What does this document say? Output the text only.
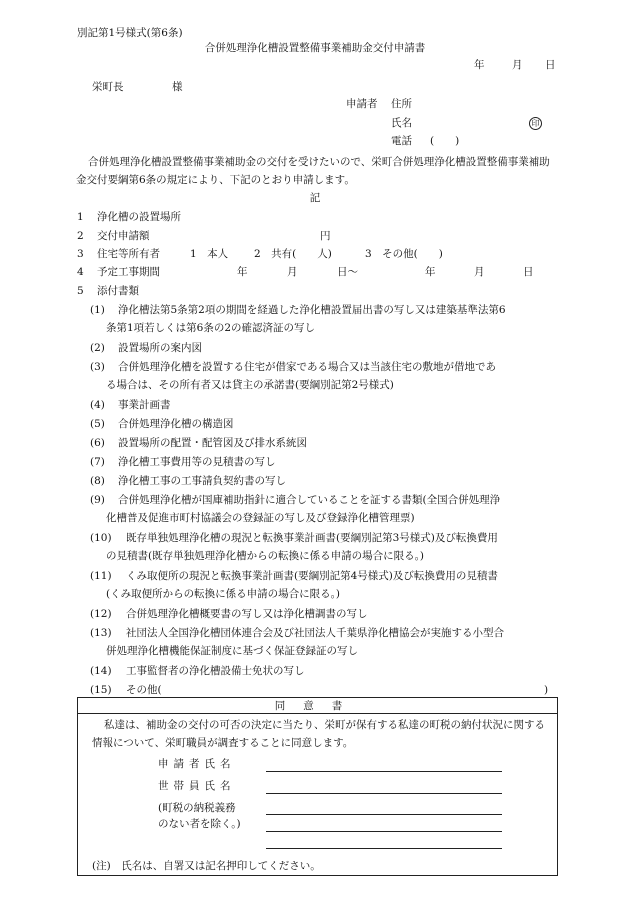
別記第1号様式(第6条)
合併処理浄化槽設置整備事業補助金交付申請書
年	月 日
栄町長	様
申請者 住所
氏名	印
電話 (　　)
合併処理浄化槽設置整備事業補助金の交付を受けたいので、栄町合併処理浄化槽設置整備事業補助金交付要綱第6条の規定により、下記のとおり申請します。
記
1 浄化槽の設置場所
2 交付申請額	円
3 住宅等所有者	1　本人 2　共有(　　人)	3　その他(　　)
4 予定工事期間	年	月	日〜	年	月	日
5 添付書類
(1) 浄化槽法第5条第2項の期間を経過した浄化槽設置届出書の写し又は建築基準法第6
条第1項若しくは第6条の2の確認済証の写し
(2) 設置場所の案内図
(3) 合併処理浄化槽を設置する住宅が借家である場合又は当該住宅の敷地が借地であ
る場合は、その所有者又は貸主の承諾書(要綱別記第2号様式)
(4) 事業計画書
(5) 合併処理浄化槽の構造図
(6) 設置場所の配置・配管図及び排水系統図
(7) 浄化槽工事費用等の見積書の写し
(8) 浄化槽工事の工事請負契約書の写し
(9) 合併処理浄化槽が国庫補助指針に適合していることを証する書類(全国合併処理浄
化槽普及促進市町村協議会の登録証の写し及び登録浄化槽管理票)
(10) 既存単独処理浄化槽の現況と転換事業計画書(要綱別記第3号様式)及び転換費用
の見積書(既存単独処理浄化槽からの転換に係る申請の場合に限る。)
(11) くみ取便所の現況と転換事業計画書(要綱別記第4号様式)及び転換費用の見積書
(くみ取便所からの転換に係る申請の場合に限る。)
(12) 合併処理浄化槽概要書の写し又は浄化槽調書の写し
(13) 社団法人全国浄化槽団体連合会及び社団法人千葉県浄化槽協会が実施する小型合
併処理浄化槽機能保証制度に基づく保証登録証の写し
(14) 工事監督者の浄化槽設備士免状の写し
(15) その他(	)
同意書
私達は、補助金の交付の可否の決定に当たり、栄町が保有する私達の町税の納付状況に関する情報について、栄町職員が調査することに同意します。
申請者氏名
世帯員氏名
(町税の納税義務
のない者を除く。)
(注)　氏名は、自署又は記名押印してください。
